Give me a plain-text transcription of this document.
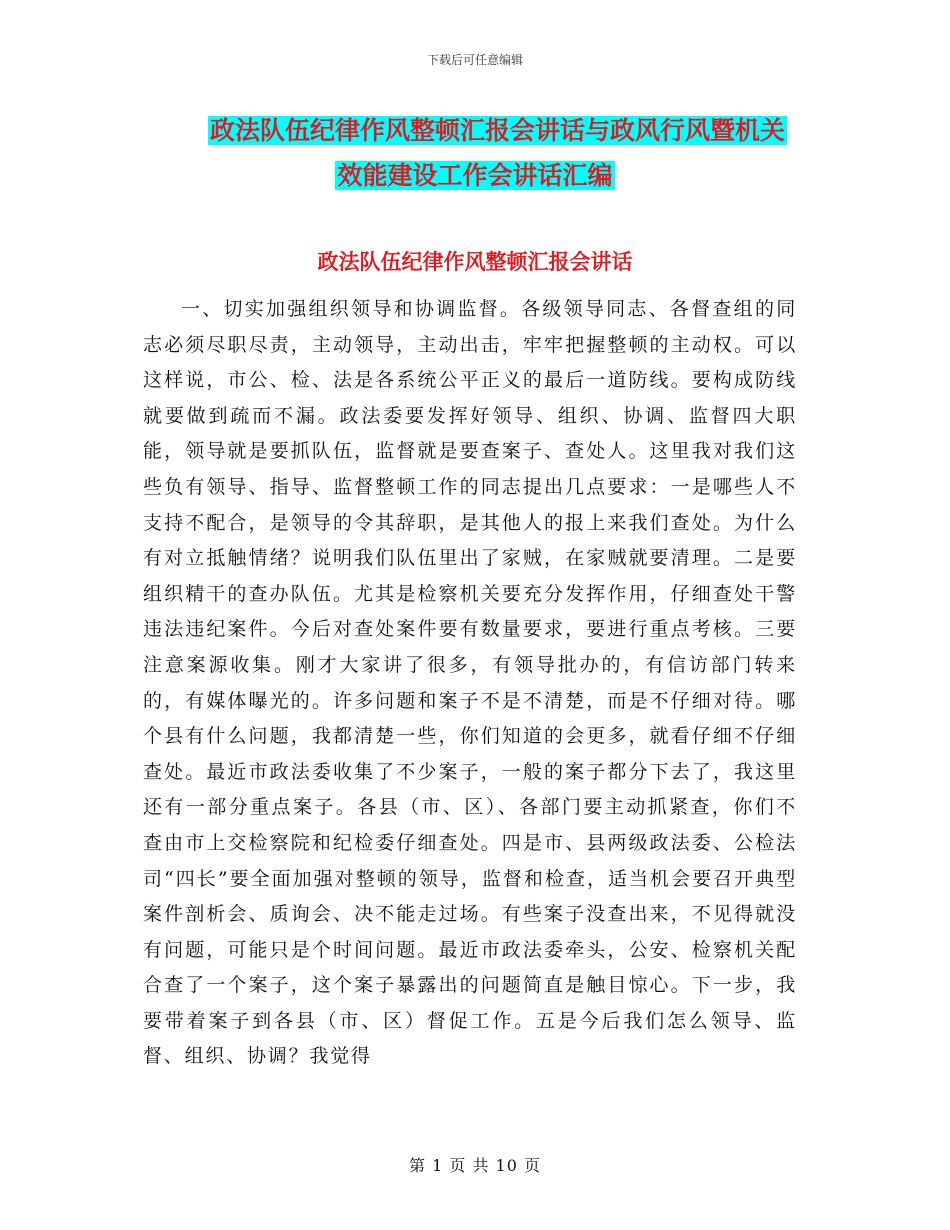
下载后可任意编辑
政法队伍纪律作风整顿汇报会讲话与政风行风暨机关
效能建设工作会讲话汇编
政法队伍纪律作风整顿汇报会讲话

一、切实加强组织领导和协调监督。各级领导同志、各督查组的同志必须尽职尽责，主动领导，主动出击，牢牢把握整顿的主动权。可以这样说，市公、检、法是各系统公平正义的最后一道防线。要构成防线就要做到疏而不漏。政法委要发挥好领导、组织、协调、监督四大职能，领导就是要抓队伍，监督就是要查案子、查处人。这里我对我们这些负有领导、指导、监督整顿工作的同志提出几点要求：一是哪些人不支持不配合，是领导的令其辞职，是其他人的报上来我们查处。为什么有对立抵触情绪？说明我们队伍里出了家贼，在家贼就要清理。二是要组织精干的查办队伍。尤其是检察机关要充分发挥作用，仔细查处干警违法违纪案件。今后对查处案件要有数量要求，要进行重点考核。三要注意案源收集。刚才大家讲了很多，有领导批办的，有信访部门转来的，有媒体曝光的。许多问题和案子不是不清楚，而是不仔细对待。哪个县有什么问题，我都清楚一些，你们知道的会更多，就看仔细不仔细查处。最近市政法委收集了不少案子，一般的案子都分下去了，我这里还有一部分重点案子。各县（市、区）、各部门要主动抓紧查，你们不查由市上交检察院和纪检委仔细查处。四是市、县两级政法委、公检法司“四长”要全面加强对整顿的领导，监督和检查，适当机会要召开典型案件剖析会、质询会、决不能走过场。有些案子没查出来，不见得就没有问题，可能只是个时间问题。最近市政法委牵头，公安、检察机关配合查了一个案子，这个案子暴露出的问题简直是触目惊心。下一步，我要带着案子到各县（市、区）督促工作。五是今后我们怎么领导、监督、组织、协调？我觉得

第 1 页 共 10 页
